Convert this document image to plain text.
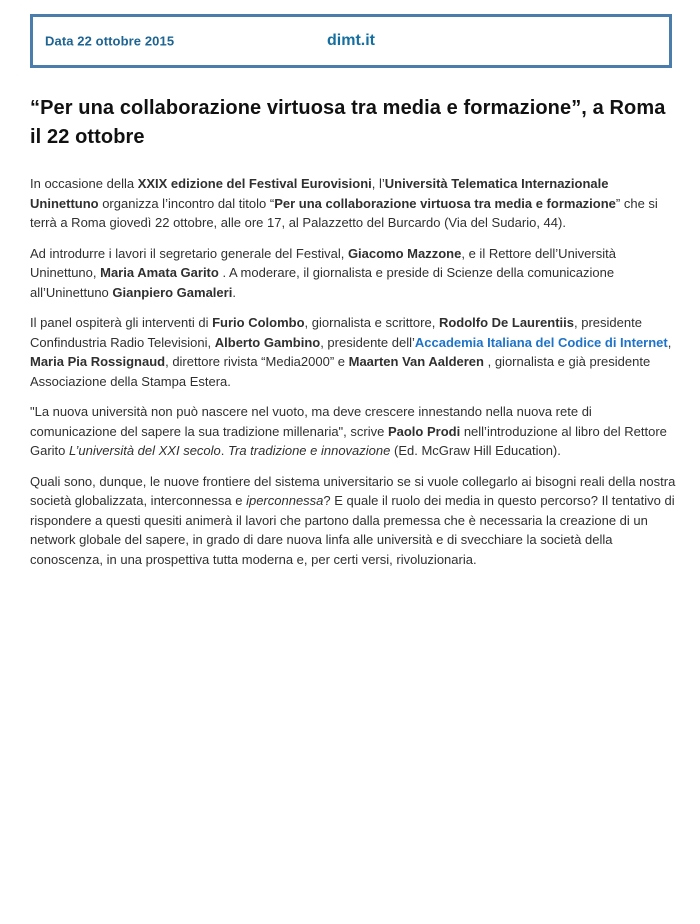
Data 22 ottobre 2015	dimt.it
“Per una collaborazione virtuosa tra media e formazione”, a Roma il 22 ottobre

In occasione della XXIX edizione del Festival Eurovisioni, l’Università Telematica Internazionale Uninettuno organizza l’incontro dal titolo “Per una collaborazione virtuosa tra media e formazione” che si terrà a Roma giovedì 22 ottobre, alle ore 17, al Palazzetto del Burcardo (Via del Sudario, 44).

Ad introdurre i lavori il segretario generale del Festival, Giacomo Mazzone, e il Rettore dell’Università Uninettuno, Maria Amata Garito . A moderare, il giornalista e preside di Scienze della comunicazione all’Uninettuno Gianpiero Gamaleri.

Il panel ospiterà gli interventi di Furio Colombo, giornalista e scrittore, Rodolfo De Laurentiis, presidente Confindustria Radio Televisioni, Alberto Gambino, presidente dell’Accademia Italiana del Codice di Internet, Maria Pia Rossignaud, direttore rivista “Media2000” e Maarten Van Aalderen , giornalista e già presidente Associazione della Stampa Estera.

"La nuova università non può nascere nel vuoto, ma deve crescere innestando nella nuova rete di comunicazione del sapere la sua tradizione millenaria", scrive Paolo Prodi nell’introduzione al libro del Rettore Garito L’università del XXI secolo. Tra tradizione e innovazione (Ed. McGraw Hill Education).

Quali sono, dunque, le nuove frontiere del sistema universitario se si vuole collegarlo ai bisogni reali della nostra società globalizzata, interconnessa e iperconnessa? E quale il ruolo dei media in questo percorso? Il tentativo di rispondere a questi quesiti animerà il lavori che partono dalla premessa che è necessaria la creazione di un network globale del sapere, in grado di dare nuova linfa alle università e di svecchiare la società della conoscenza, in una prospettiva tutta moderna e, per certi versi, rivoluzionaria.
